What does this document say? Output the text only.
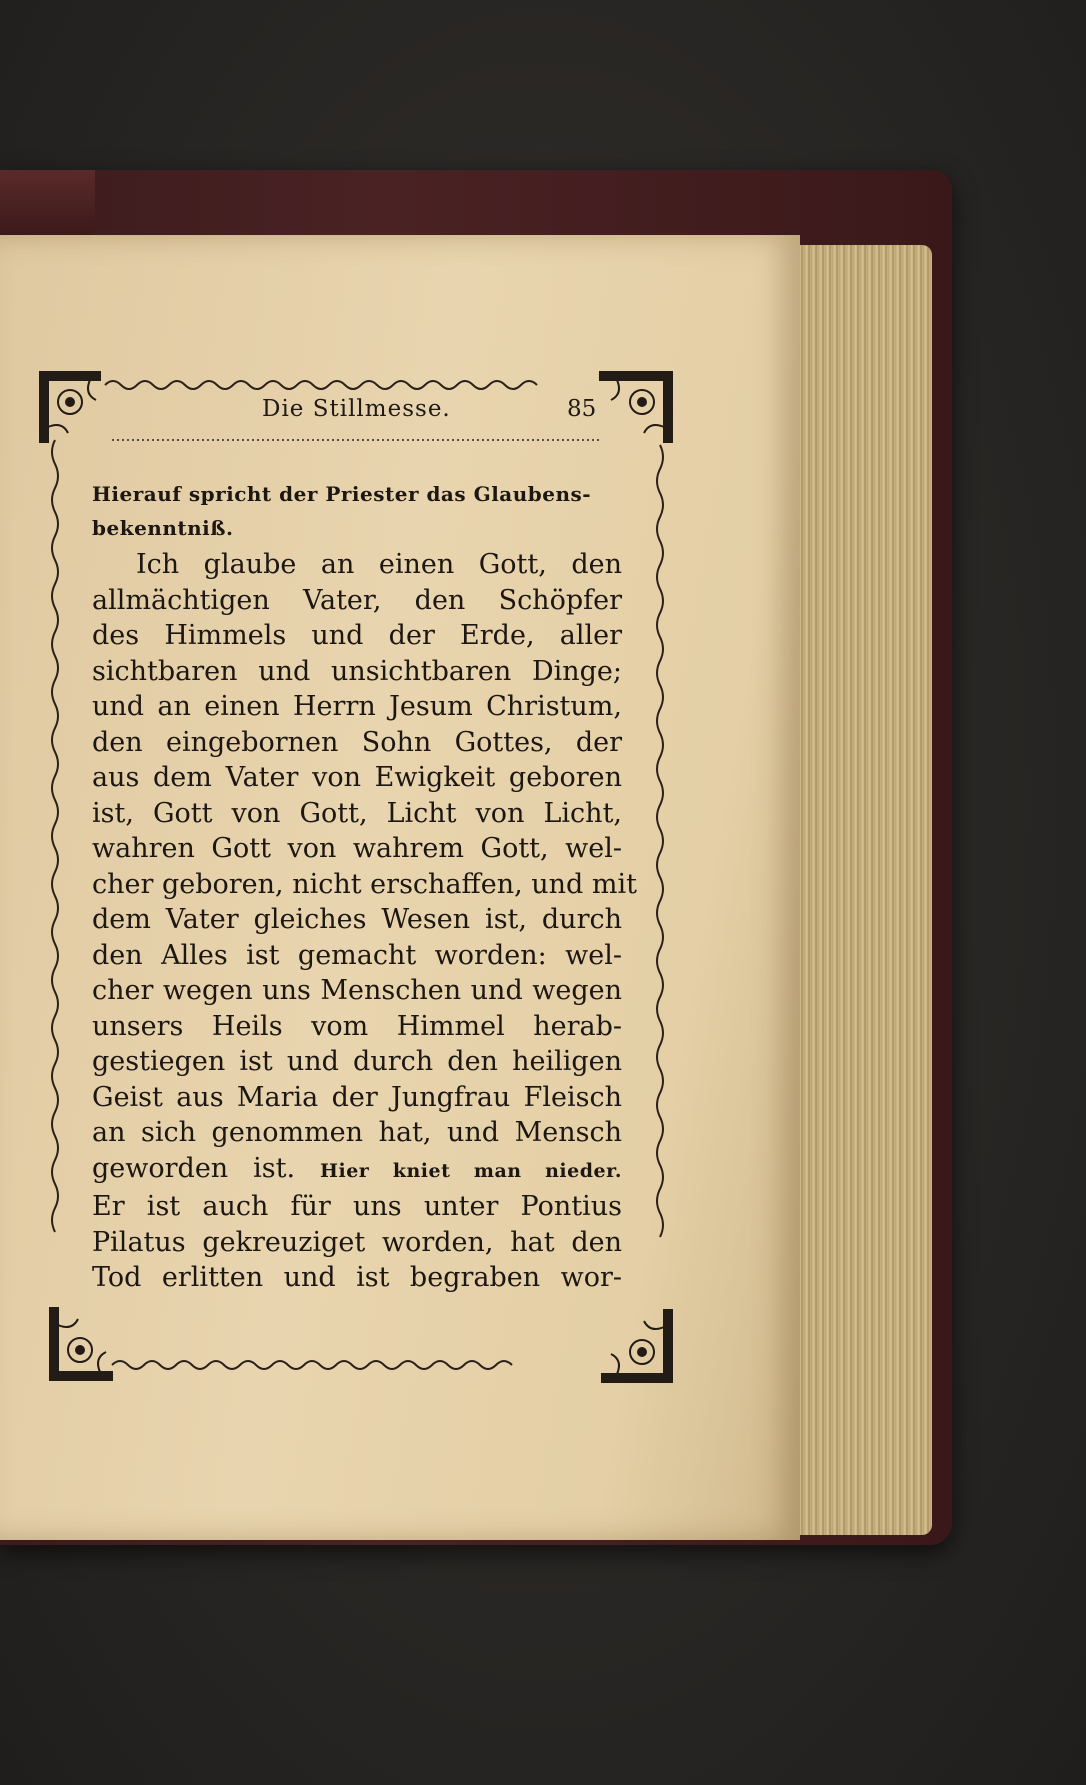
Die Stillmesse.	85
Hierauf spricht der Priester das Glaubens-
bekenntniß.
Ich glaube an einen Gott, den
allmächtigen Vater, den Schöpfer
des Himmels und der Erde, aller
sichtbaren und unsichtbaren Dinge;
und an einen Herrn Jesum Christum,
den eingebornen Sohn Gottes, der
aus dem Vater von Ewigkeit geboren
ist, Gott von Gott, Licht von Licht,
wahren Gott von wahrem Gott, wel-
cher geboren, nicht erschaffen, und mit
dem Vater gleiches Wesen ist, durch
den Alles ist gemacht worden: wel-
cher wegen uns Menschen und wegen
unsers Heils vom Himmel herab-
gestiegen ist und durch den heiligen
Geist aus Maria der Jungfrau Fleisch
an sich genommen hat, und Mensch
geworden ist. Hier kniet man nieder.
Er ist auch für uns unter Pontius
Pilatus gekreuziget worden, hat den
Tod erlitten und ist begraben wor-
